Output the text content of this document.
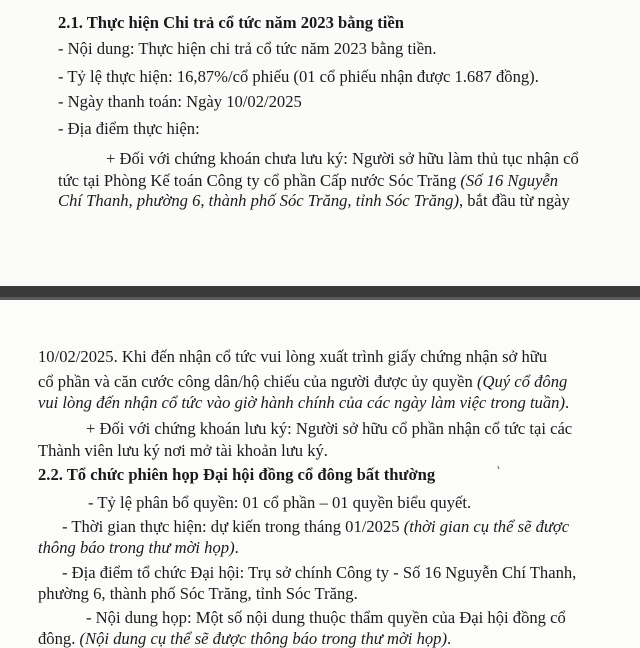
2.1. Thực hiện Chi trả cổ tức năm 2023 bằng tiền
- Nội dung: Thực hiện chi trả cổ tức năm 2023 bằng tiền.
- Tỷ lệ thực hiện: 16,87%/cổ phiếu (01 cổ phiếu nhận được 1.687 đồng).
- Ngày thanh toán: Ngày 10/02/2025
- Địa điểm thực hiện:
+ Đối với chứng khoán chưa lưu ký: Người sở hữu làm thủ tục nhận cổ
tức tại Phòng Kế toán Công ty cổ phần Cấp nước Sóc Trăng (Số 16 Nguyễn
Chí Thanh, phường 6, thành phố Sóc Trăng, tỉnh Sóc Trăng), bắt đầu từ ngày
10/02/2025. Khi đến nhận cổ tức vui lòng xuất trình giấy chứng nhận sở hữu
cổ phần và căn cước công dân/hộ chiếu của người được ủy quyền (Quý cổ đông
vui lòng đến nhận cổ tức vào giờ hành chính của các ngày làm việc trong tuần).
+ Đối với chứng khoán lưu ký: Người sở hữu cổ phần nhận cổ tức tại các
Thành viên lưu ký nơi mở tài khoản lưu ký.
2.2. Tổ chức phiên họp Đại hội đồng cổ đông bất thường
- Tỷ lệ phân bổ quyền: 01 cổ phần – 01 quyền biểu quyết.
- Thời gian thực hiện: dự kiến trong tháng 01/2025 (thời gian cụ thể sẽ được
thông báo trong thư mời họp).
- Địa điểm tổ chức Đại hội: Trụ sở chính Công ty - Số 16 Nguyễn Chí Thanh,
phường 6, thành phố Sóc Trăng, tỉnh Sóc Trăng.
- Nội dung họp: Một số nội dung thuộc thẩm quyền của Đại hội đồng cổ
đông. (Nội dung cụ thể sẽ được thông báo trong thư mời họp).
‘
